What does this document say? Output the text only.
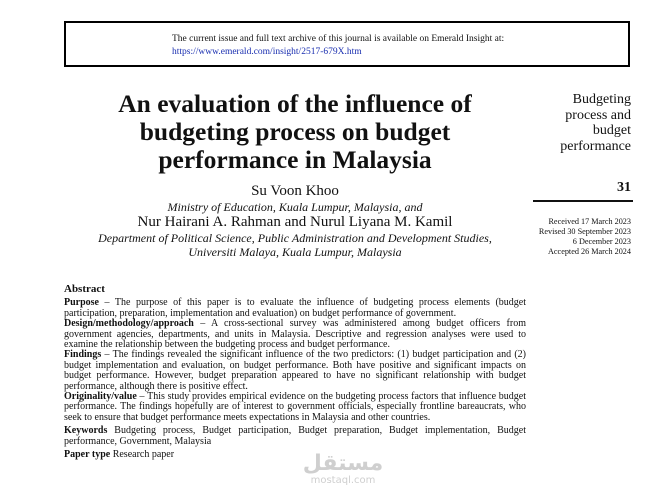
The current issue and full text archive of this journal is available on Emerald Insight at:
https://www.emerald.com/insight/2517-679X.htm
An evaluation of the influence of
budgeting process on budget
performance in Malaysia
Budgeting
process and
budget
performance
31
Received 17 March 2023
Revised 30 September 2023
6 December 2023
Accepted 26 March 2024
Su Voon Khoo
Ministry of Education, Kuala Lumpur, Malaysia, and
Nur Hairani A. Rahman and Nurul Liyana M. Kamil
Department of Political Science, Public Administration and Development Studies,
Universiti Malaya, Kuala Lumpur, Malaysia
Abstract

Purpose – The purpose of this paper is to evaluate the influence of budgeting process elements (budget participation, preparation, implementation and evaluation) on budget performance of government.

Design/methodology/approach – A cross-sectional survey was administered among budget officers from government agencies, departments, and units in Malaysia. Descriptive and regression analyses were used to examine the relationship between the budgeting process and budget performance.

Findings – The findings revealed the significant influence of the two predictors: (1) budget participation and (2) budget implementation and evaluation, on budget performance. Both have positive and significant impacts on budget performance. However, budget preparation appeared to have no significant relationship with budget performance, although there is positive effect.

Originality/value – This study provides empirical evidence on the budgeting process factors that influence budget performance. The findings hopefully are of interest to government officials, especially frontline bareaucrats, who seek to ensure that budget performance meets expectations in Malaysia and other countries.

Keywords Budgeting process, Budget participation, Budget preparation, Budget implementation, Budget performance, Government, Malaysia

Paper type Research paper	مستقل
mostaql.com
